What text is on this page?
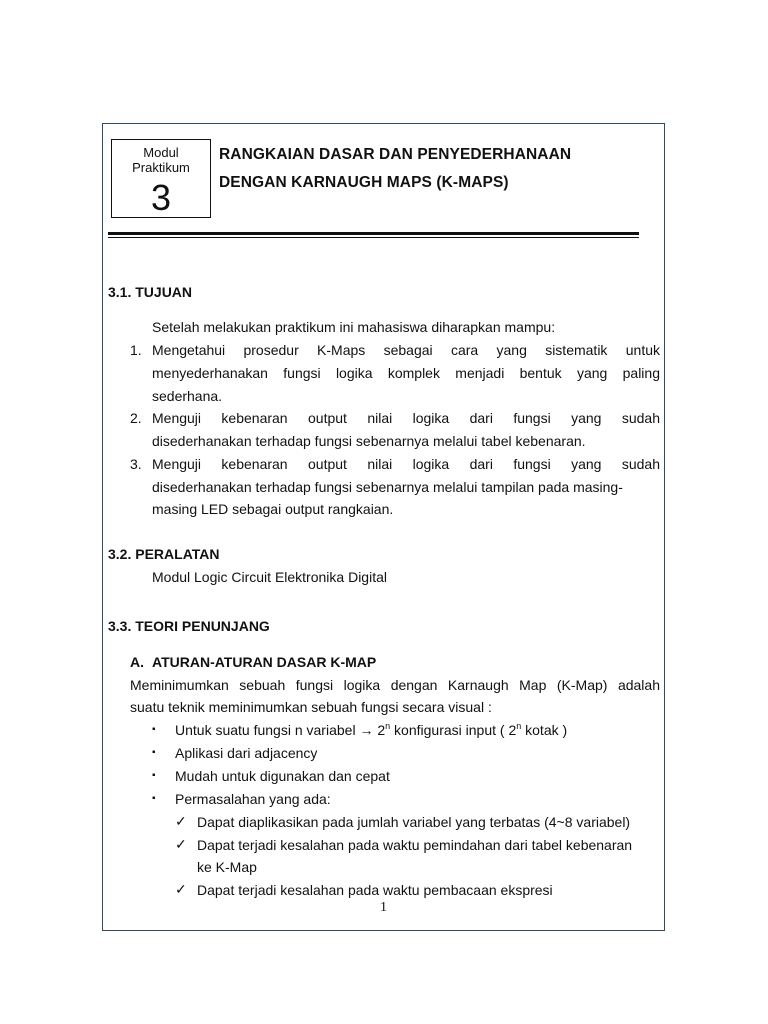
Modul
Praktikum
3
RANGKAIAN DASAR DAN PENYEDERHANAAN
DENGAN KARNAUGH MAPS (K-MAPS)
3.1. TUJUAN
Setelah melakukan praktikum ini mahasiswa diharapkan mampu:
1. Mengetahui prosedur K-Maps sebagai cara yang sistematik untuk
menyederhanakan fungsi logika komplek menjadi bentuk yang paling
sederhana.
2. Menguji kebenaran output nilai logika dari fungsi yang sudah
disederhanakan terhadap fungsi sebenarnya melalui tabel kebenaran.
3. Menguji kebenaran output nilai logika dari fungsi yang sudah
disederhanakan terhadap fungsi sebenarnya melalui tampilan pada masing-
masing LED sebagai output rangkaian.
3.2. PERALATAN
Modul Logic Circuit Elektronika Digital
3.3. TEORI PENUNJANG
A. ATURAN-ATURAN DASAR K-MAP
Meminimumkan sebuah fungsi logika dengan Karnaugh Map (K-Map) adalah
suatu teknik meminimumkan sebuah fungsi secara visual :
▪ Untuk suatu fungsi n variabel → $2^n$ konfigurasi input ( 2$^n$ kotak )
▪ Aplikasi dari adjacency
▪ Mudah untuk digunakan dan cepat
▪ Permasalahan yang ada:
✓ Dapat diaplikasikan pada jumlah variabel yang terbatas (4~8 variabel)
✓ Dapat terjadi kesalahan pada waktu pemindahan dari tabel kebenaran
ke K-Map
✓ Dapat terjadi kesalahan pada waktu pembacaan ekspresi
1
